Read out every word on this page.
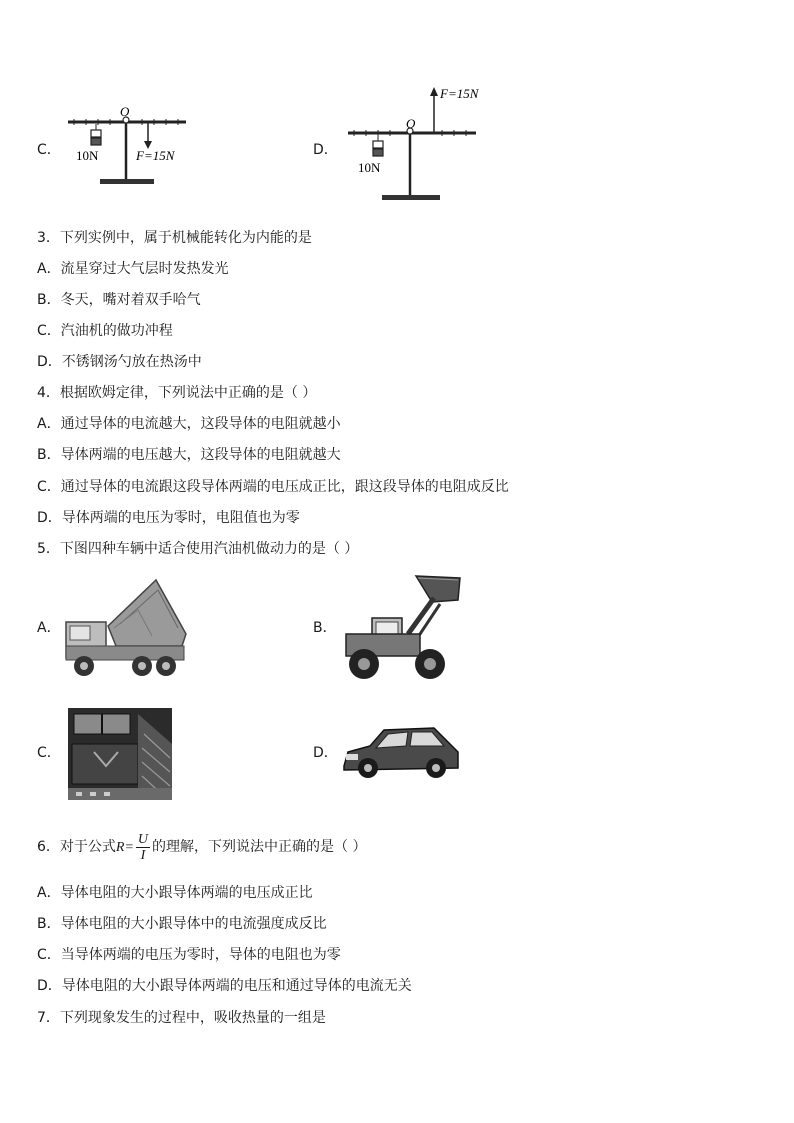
C．
O
10N	F=15N	D．
O
10N
F=15N
3．下列实例中，属于机械能转化为内能的是
A．流星穿过大气层时发热发光
B．冬天，嘴对着双手哈气
C．汽油机的做功冲程
D．不锈钢汤勺放在热汤中
4．根据欧姆定律，下列说法中正确的是（ ）
A．通过导体的电流越大，这段导体的电阻就越小
B．导体两端的电压越大，这段导体的电阻就越大
C．通过导体的电流跟这段导体两端的电压成正比，跟这段导体的电阻成反比
D．导体两端的电压为零时，电阻值也为零
5．下图四种车辆中适合使用汽油机做动力的是（ ）
A．	B．
C．	D．
6．对于公式$R= \frac{U}{I}$ 的理解，下列说法中正确的是（ ）
A．导体电阻的大小跟导体两端的电压成正比
B．导体电阻的大小跟导体中的电流强度成反比
C．当导体两端的电压为零时，导体的电阻也为零
D．导体电阻的大小跟导体两端的电压和通过导体的电流无关
7．下列现象发生的过程中，吸收热量的一组是
